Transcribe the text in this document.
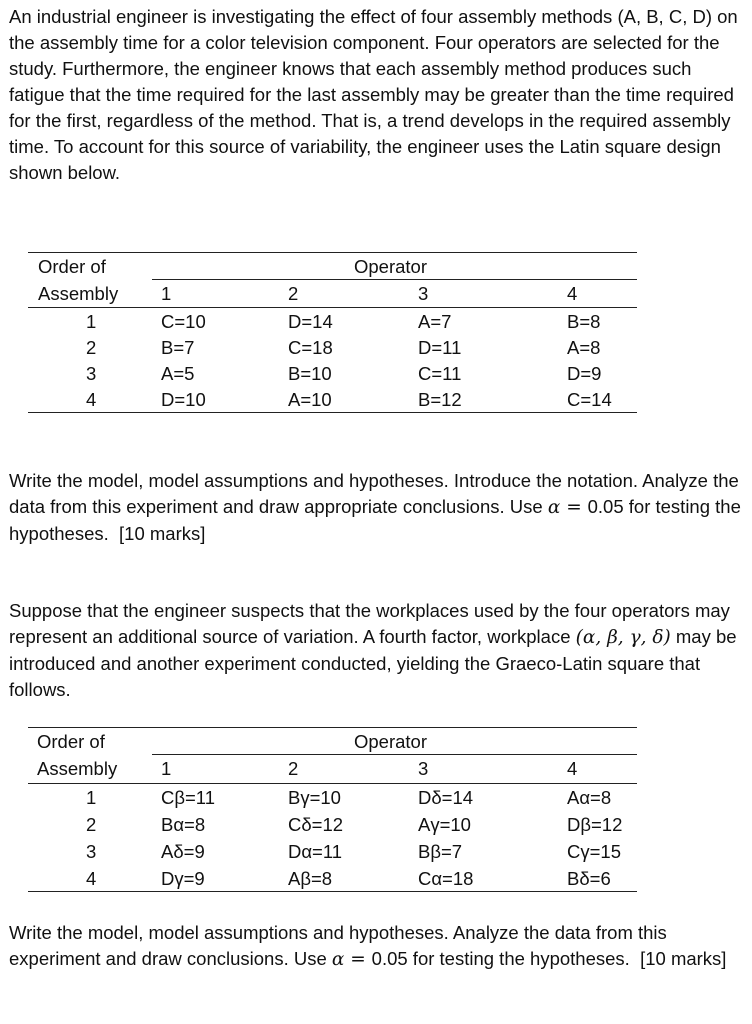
An industrial engineer is investigating the effect of four assembly methods (A, B, C, D) on the assembly time for a color television component. Four operators are selected for the study. Furthermore, the engineer knows that each assembly method produces such fatigue that the time required for the last assembly may be greater than the time required for the first, regardless of the method. That is, a trend develops in the required assembly time. To account for this source of variability, the engineer uses the Latin square design shown below.

Order of
Assembly
Operator
1	2	3	4
1	C=10	D=14	A=7	B=8
2	B=7	C=18	D=11	A=8
3	A=5	B=10	C=11	D=9
4	D=10	A=10	B=12	C=14

Write the model, model assumptions and hypotheses. Introduce the notation. Analyze the data from this experiment and draw appropriate conclusions. Use α = 0.05 for testing the hypotheses.  [10 marks]

Suppose that the engineer suspects that the workplaces used by the four operators may represent an additional source of variation. A fourth factor, workplace (α, β, γ, δ) may be introduced and another experiment conducted, yielding the Graeco-Latin square that follows.

Order of
Assembly
Operator
1	2	3	4
1	Cβ=11	Bγ=10	Dδ=14	Aα=8
2	Bα=8	Cδ=12	Aγ=10	Dβ=12
3	Aδ=9	Dα=11	Bβ=7	Cγ=15
4	Dγ=9	Aβ=8	Cα=18	Bδ=6

Write the model, model assumptions and hypotheses. Analyze the data from this experiment and draw conclusions. Use α = 0.05 for testing the hypotheses.  [10 marks]
